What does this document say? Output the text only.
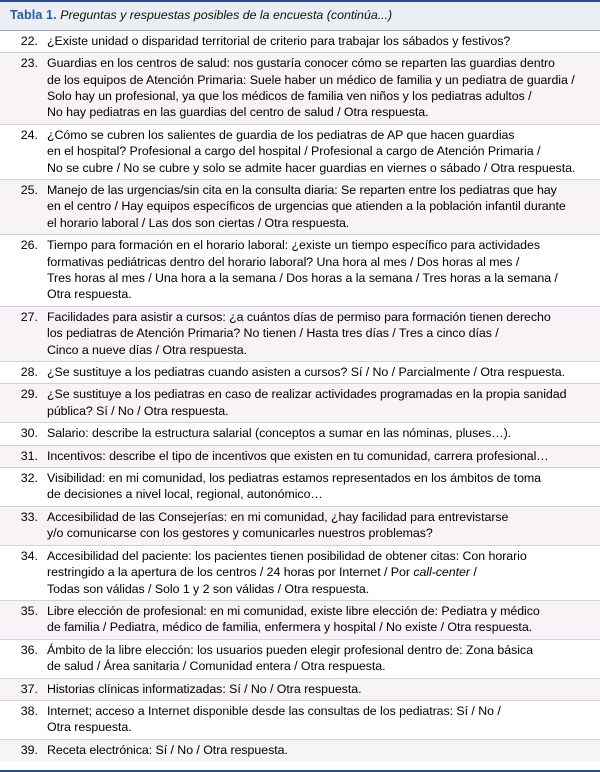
Tabla 1. Preguntas y respuestas posibles de la encuesta (continúa...)
22. ¿Existe unidad o disparidad territorial de criterio para trabajar los sábados y festivos?
23. Guardias en los centros de salud: nos gustaría conocer cómo se reparten las guardias dentro
de los equipos de Atención Primaria: Suele haber un médico de familia y un pediatra de guardia /
Solo hay un profesional, ya que los médicos de familia ven niños y los pediatras adultos /
No hay pediatras en las guardias del centro de salud / Otra respuesta.
24. ¿Cómo se cubren los salientes de guardia de los pediatras de AP que hacen guardias
en el hospital? Profesional a cargo del hospital / Profesional a cargo de Atención Primaria /
No se cubre / No se cubre y solo se admite hacer guardias en viernes o sábado / Otra respuesta.
25. Manejo de las urgencias/sin cita en la consulta diaria: Se reparten entre los pediatras que hay
en el centro / Hay equipos específicos de urgencias que atienden a la población infantil durante
el horario laboral / Las dos son ciertas / Otra respuesta.
26. Tiempo para formación en el horario laboral: ¿existe un tiempo específico para actividades
formativas pediátricas dentro del horario laboral? Una hora al mes / Dos horas al mes /
Tres horas al mes / Una hora a la semana / Dos horas a la semana / Tres horas a la semana /
Otra respuesta.
27. Facilidades para asistir a cursos: ¿a cuántos días de permiso para formación tienen derecho
los pediatras de Atención Primaria? No tienen / Hasta tres días / Tres a cinco días /
Cinco a nueve días / Otra respuesta.
28. ¿Se sustituye a los pediatras cuando asisten a cursos? Sí / No / Parcialmente / Otra respuesta.
29. ¿Se sustituye a los pediatras en caso de realizar actividades programadas en la propia sanidad
pública? Sí / No / Otra respuesta.
30. Salario: describe la estructura salarial (conceptos a sumar en las nóminas, pluses…).
31. Incentivos: describe el tipo de incentivos que existen en tu comunidad, carrera profesional…
32. Visibilidad: en mi comunidad, los pediatras estamos representados en los ámbitos de toma
de decisiones a nivel local, regional, autonómico…
33. Accesibilidad de las Consejerías: en mi comunidad, ¿hay facilidad para entrevistarse
y/o comunicarse con los gestores y comunicarles nuestros problemas?
34. Accesibilidad del paciente: los pacientes tienen posibilidad de obtener citas: Con horario
restringido a la apertura de los centros / 24 horas por Internet / Por call-center /
Todas son válidas / Solo 1 y 2 son válidas / Otra respuesta.
35. Libre elección de profesional: en mi comunidad, existe libre elección de: Pediatra y médico
de familia / Pediatra, médico de familia, enfermera y hospital / No existe / Otra respuesta.
36. Ámbito de la libre elección: los usuarios pueden elegir profesional dentro de: Zona básica
de salud / Área sanitaria / Comunidad entera / Otra respuesta.
37. Historias clínicas informatizadas: Sí / No / Otra respuesta.
38. Internet; acceso a Internet disponible desde las consultas de los pediatras: Sí / No /
Otra respuesta.
39. Receta electrónica: Sí / No / Otra respuesta.
